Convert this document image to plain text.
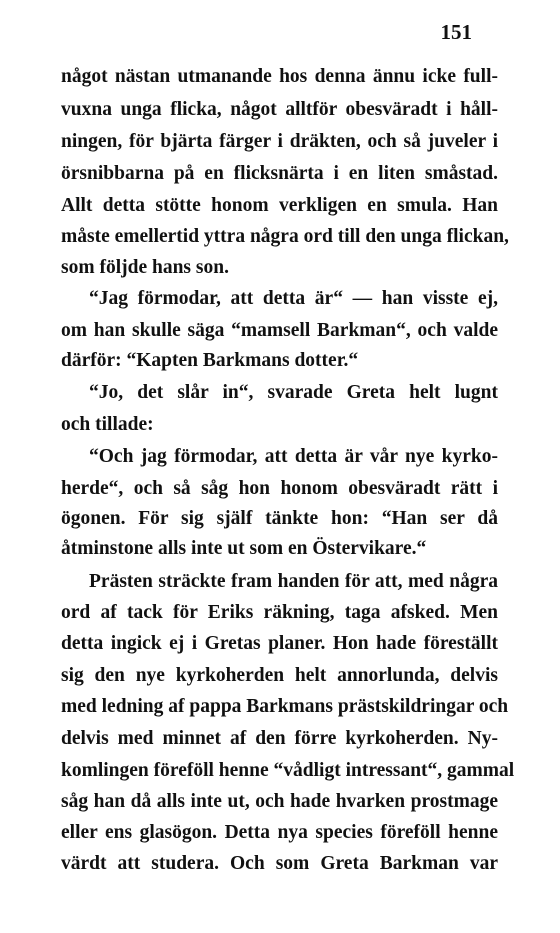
151
något nästan utmanande hos denna ännu icke full-
vuxna unga flicka, något alltför obesväradt i håll-
ningen, för bjärta färger i dräkten, och så juveler i
örsnibbarna på en flicksnärta i en liten småstad.
Allt detta stötte honom verkligen en smula. Han
måste emellertid yttra några ord till den unga flickan,
som följde hans son.
“Jag förmodar, att detta är“ — han visste ej,
om han skulle säga “mamsell Barkman“, och valde
därför: “Kapten Barkmans dotter.“
“Jo, det slår in“, svarade Greta helt lugnt
och tillade:
“Och jag förmodar, att detta är vår nye kyrko-
herde“, och så såg hon honom obesväradt rätt i
ögonen. För sig själf tänkte hon: “Han ser då
åtminstone alls inte ut som en Östervikare.“
Prästen sträckte fram handen för att, med några
ord af tack för Eriks räkning, taga afsked. Men
detta ingick ej i Gretas planer. Hon hade föreställt
sig den nye kyrkoherden helt annorlunda, delvis
med ledning af pappa Barkmans prästskildringar och
delvis med minnet af den förre kyrkoherden. Ny-
komlingen föreföll henne “vådligt intressant“, gammal
såg han då alls inte ut, och hade hvarken prostmage
eller ens glasögon. Detta nya species föreföll henne
värdt att studera. Och som Greta Barkman var
